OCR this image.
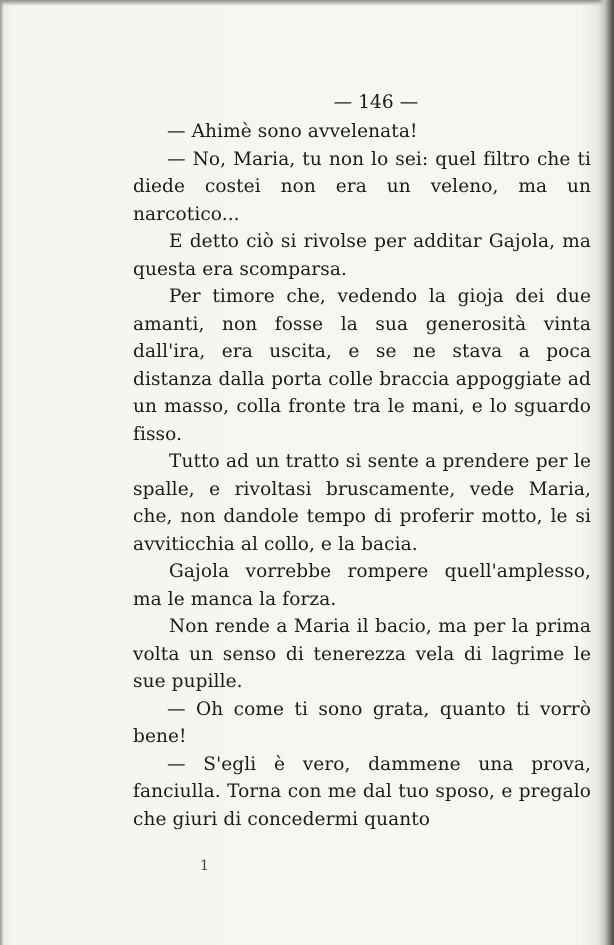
— 146 —

— Ahimè sono avvelenata!

— No, Maria, tu non lo sei: quel filtro che ti diede costei non era un veleno, ma un narcotico...

E detto ciò si rivolse per additar Gajola, ma questa era scomparsa.

Per timore che, vedendo la gioja dei due amanti, non fosse la sua generosità vinta dall'ira, era uscita, e se ne stava a poca distanza dalla porta colle braccia appoggiate ad un masso, colla fronte tra le mani, e lo sguardo fisso.

Tutto ad un tratto si sente a prendere per le spalle, e rivoltasi bruscamente, vede Maria, che, non dandole tempo di proferir motto, le si avviticchia al collo, e la bacia.

Gajola vorrebbe rompere quell'amplesso, ma le manca la forza.

Non rende a Maria il bacio, ma per la prima volta un senso di tenerezza vela di lagrime le sue pupille.

— Oh come ti sono grata, quanto ti vorrò bene!

— S'egli è vero, dammene una prova, fanciulla. Torna con me dal tuo sposo, e pregalo che giuri di concedermi quanto

1
